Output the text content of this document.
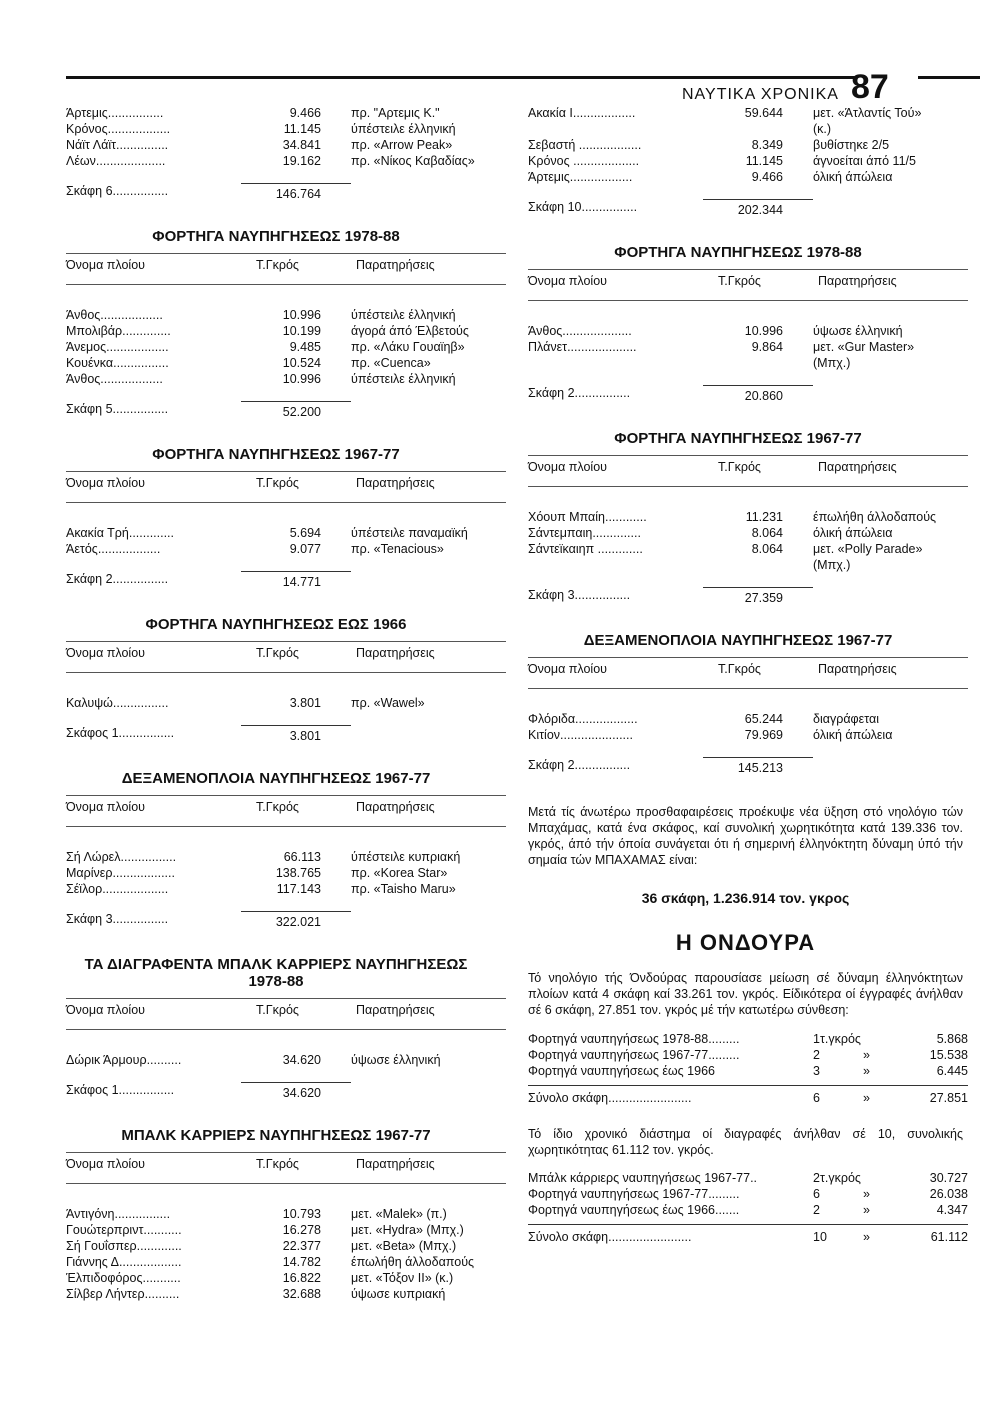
ΝΑΥΤΙΚΑ ΧΡΟΝΙΚΑ 87
Άρτεμις................	9.466	πρ. "Αρτεμις Κ."
Κρόνος..................	11.145	ύπέστειλε έλληνική
Νάϊτ Λάϊτ...............	34.841	πρ. «Arrow Peak»
Λέων....................	19.162	πρ. «Νίκος Καβαδίας»
Σκάφη 6................	146.764
ΦΟΡΤΗΓΑ ΝΑΥΠΗΓΗΣΕΩΣ 1978-88
Όνομα πλοίου	Τ.Γκρός	Παρατηρήσεις
Άνθος..................	10.996	ύπέστειλε έλληνική
Μπολιβάρ..............	10.199	άγορά άπό Έλβετούς
Άνεμος..................	9.485	πρ. «Λάκυ Γουαϊηβ»
Κουένκα................	10.524	πρ. «Cuenca»
Άνθος..................	10.996	ύπέστειλε έλληνική
Σκάφη 5................	52.200
ΦΟΡΤΗΓΑ ΝΑΥΠΗΓΗΣΕΩΣ 1967-77
Όνομα πλοίου	Τ.Γκρός	Παρατηρήσεις
Ακακία Τρή.............	5.694	ύπέστειλε παναμαϊκή
Άετός..................	9.077	πρ. «Tenacious»
Σκάφη 2................	14.771
ΦΟΡΤΗΓΑ ΝΑΥΠΗΓΗΣΕΩΣ ΕΩΣ 1966
Όνομα πλοίου	Τ.Γκρός	Παρατηρήσεις
Καλυψώ................	3.801	πρ. «Wawel»
Σκάφος 1................	3.801
ΔΕΞΑΜΕΝΟΠΛΟΙΑ ΝΑΥΠΗΓΗΣΕΩΣ 1967-77
Όνομα πλοίου	Τ.Γκρός	Παρατηρήσεις
Σή Λώρελ................	66.113	ύπέστειλε κυπριακή
Μαρίνερ..................	138.765	πρ. «Korea Star»
Σέϊλορ...................	117.143	πρ. «Taisho Maru»
Σκάφη 3................	322.021
ΤΑ ΔΙΑΓΡΑΦΕΝΤΑ ΜΠΑΛΚ ΚΑΡΡΙΕΡΣ ΝΑΥΠΗΓΗΣΕΩΣ 1978-88
Όνομα πλοίου	Τ.Γκρός	Παρατηρήσεις
Δώρικ Άρμουρ..........	34.620	ύψωσε έλληνική
Σκάφος 1................	34.620
ΜΠΑΛΚ ΚΑΡΡΙΕΡΣ ΝΑΥΠΗΓΗΣΕΩΣ 1967-77
Όνομα πλοίου	Τ.Γκρός	Παρατηρήσεις
Άντιγόνη................	10.793	μετ. «Malek» (π.)
Γουώτερπριντ...........	16.278	μετ. «Hydra» (Μπχ.)
Σή Γουΐσπερ.............	22.377	μετ. «Beta» (Μπχ.)
Γιάννης Δ..................	14.782	έπωλήθη άλλοδαπούς
Έλπιδοφόρος...........	16.822	μετ. «Τόξον ΙΙ» (κ.)
Σίλβερ Λήντερ..........	32.688	ύψωσε κυπριακή
Ακακία Ι..................	59.644	μετ. «Άτλαντίς Τού»
(κ.)
Σεβαστή ..................	8.349	βυθίστηκε 2/5
Κρόνος ...................	11.145	άγνοείται άπό 11/5
Άρτεμις..................	9.466	όλική άπώλεια
Σκάφη 10................	202.344
ΦΟΡΤΗΓΑ ΝΑΥΠΗΓΗΣΕΩΣ 1978-88
Όνομα πλοίου	Τ.Γκρός	Παρατηρήσεις
Άνθος....................	10.996	ύψωσε έλληνική
Πλάνετ....................	9.864	μετ. «Gur Master»
(Μπχ.)
Σκάφη 2................	20.860
ΦΟΡΤΗΓΑ ΝΑΥΠΗΓΗΣΕΩΣ 1967-77
Όνομα πλοίου	Τ.Γκρός	Παρατηρήσεις
Χόουπ Μπαίη............	11.231	έπωλήθη άλλοδαπούς
Σάντεμπαιη..............	8.064	όλική άπώλεια
Σάντεϊκαιηπ .............	8.064	μετ. «Polly Parade»
(Μπχ.)
Σκάφη 3................	27.359
ΔΕΞΑΜΕΝΟΠΛΟΙΑ ΝΑΥΠΗΓΗΣΕΩΣ 1967-77
Όνομα πλοίου	Τ.Γκρός	Παρατηρήσεις
Φλόριδα..................	65.244	διαγράφεται
Κιτίον.....................	79.969	όλική άπώλεια
Σκάφη 2................	145.213

Μετά τίς άνωτέρω προσθαφαιρέσεις προέκυψε νέα ϋξηση στό νηολόγιο τών Μπαχάμας, κατά ένα σκάφος, καί συνολική χωρητικότητα κατά 139.336 τον. γκρός, άπό τήν όποία συνάγεται ότι ή σημερινή έλληνόκτητη δύναμη ύπό τήν σημαία τών ΜΠΑΧΑΜΑΣ είναι:

36 σκάφη, 1.236.914 τον. γκρος
Η ΟΝΔΟΥΡΑ

Τό νηολόγιο τής Όνδούρας παρουσίασε μείωση σέ δύναμη έλληνόκτητων πλοίων κατά 4 σκάφη καί 33.261 τον. γκρός. Είδικότερα οί έγγραφές άνήλθαν σέ 6 σκάφη, 27.851 τον. γκρός μέ τήν κατωτέρω σύνθεση:

Φορτηγά ναυπηγήσεως 1978-88.........	1τ.γκρός	5.868
Φορτηγά ναυπηγήσεως 1967-77.........	2	»	15.538
Φορτηγά ναυπηγήσεως έως 1966	3	»	6.445
Σύνολο σκάφη........................	6	»	27.851

Τό ίδιο χρονικό διάστημα οί διαγραφές άνήλθαν σέ 10, συνολικής χωρητικότητας 61.112 τον. γκρός.

Μπάλκ κάρριερς ναυπηγήσεως 1967-77..	2τ.γκρός	30.727
Φορτηγά ναυπηγήσεως 1967-77.........	6	»	26.038
Φορτηγά ναυπηγήσεως έως 1966.......	2	»	4.347
Σύνολο σκάφη........................	10	»	61.112
